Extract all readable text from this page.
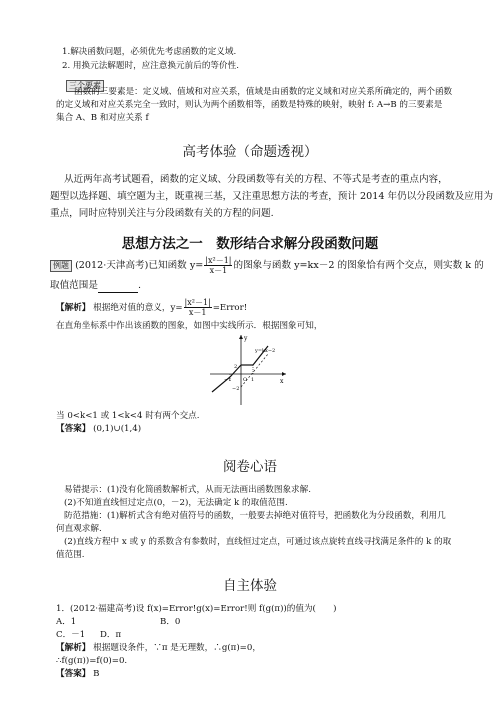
1.解决函数问题，必须优先考虑函数的定义域.
2. 用换元法解题时，应注意换元前后的等价性.
三个要素
函数的三要素是：定义域、值域和对应关系，值域是由函数的定义域和对应关系所确定的，两个函数
的定义域和对应关系完全一致时，则认为两个函数相等，函数是特殊的映射，映射 f: A→B 的三要素是
集合 A、B 和对应关系 f
高考体验（命题透视）
从近两年高考试题看，函数的定义域、分段函数等有关的方程、不等式是考查的重点内容，
题型以选择题、填空题为主，既重视三基，又注重思想方法的考查，预计 2014 年仍以分段函数及应用为
重点，同时应特别关注与分段函数有关的方程的问题.
思想方法之一　数形结合求解分段函数问题
例题 (2012·天津高考)已知函数 $y= \frac{\text{|x²－1|}}{x-1}$ 的图象与函数 y=kx－2 的图象恰有两个交点，则实数 k 的
取值范围是	.
【解析】 根据绝对值的意义，$y= \frac{\text{|x²－1|}}{x-1}$ =Error!
在直角坐标系中作出该函数的图象，如图中实线所示．根据图象可知，
y
x
O
y=kx−2
1
−1
2
−2
当 0<k<1 或 1<k<4 时有两个交点.
【答案】 (0,1)∪(1,4)
阅卷心语
易错提示：(1)没有化简函数解析式，从而无法画出函数图象求解.
(2)不知道直线恒过定点(0，－2)，无法确定 k 的取值范围.
防范措施：(1)解析式含有绝对值符号的函数，一般要去掉绝对值符号，把函数化为分段函数，利用几
何直观求解.
(2)直线方程中 x 或 y 的系数含有参数时，直线恒过定点，可通过该点旋转直线寻找满足条件的 k 的取
值范围.
自主体验
1．(2012·福建高考)设 f(x)=Error!g(x)=Error!则 f(g(π))的值为(　　)
A．1	B．0
C．－1 D．π
【解析】 根据题设条件，∵π 是无理数，∴g(π)=0，
∴f(g(π))=f(0)=0.
【答案】 B
